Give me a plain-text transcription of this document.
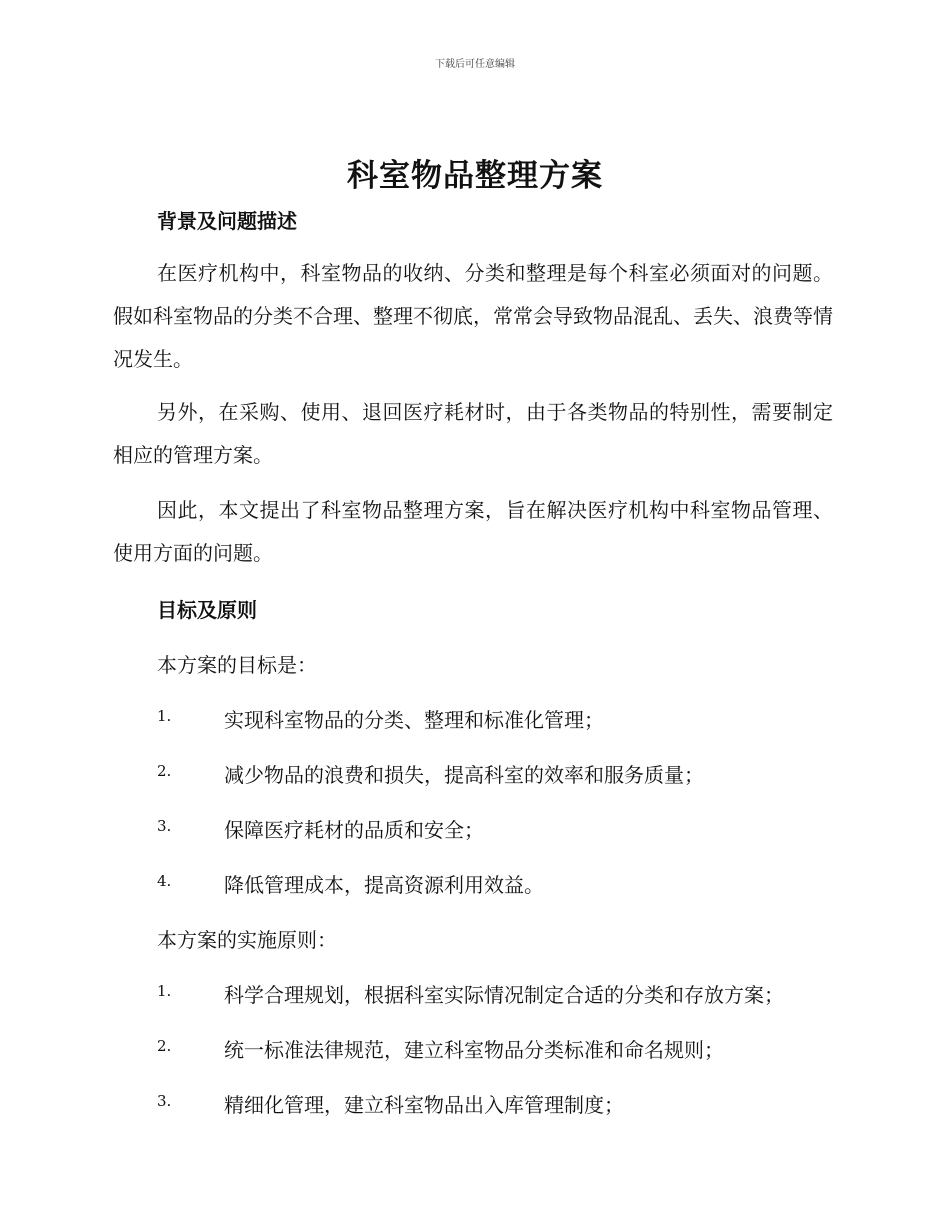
下载后可任意编辑
科室物品整理方案
背景及问题描述
在医疗机构中，科室物品的收纳、分类和整理是每个科室必须面对的问题。假如科室物品的分类不合理、整理不彻底，常常会导致物品混乱、丢失、浪费等情况发生。
另外，在采购、使用、退回医疗耗材时，由于各类物品的特别性，需要制定相应的管理方案。
因此，本文提出了科室物品整理方案，旨在解决医疗机构中科室物品管理、使用方面的问题。
目标及原则
本方案的目标是：
1.	实现科室物品的分类、整理和标准化管理；
2.	减少物品的浪费和损失，提高科室的效率和服务质量；
3.	保障医疗耗材的品质和安全；
4.	降低管理成本，提高资源利用效益。
本方案的实施原则：
1.	科学合理规划，根据科室实际情况制定合适的分类和存放方案；
2.	统一标准法律规范，建立科室物品分类标准和命名规则；
3.	精细化管理，建立科室物品出入库管理制度；
